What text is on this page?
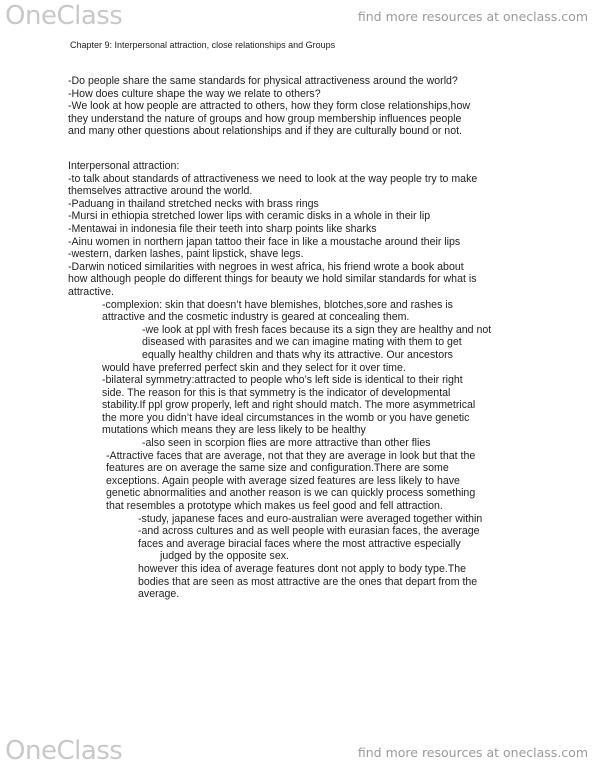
OneClass	find more resources at oneclass.com
Chapter 9: Interpersonal attraction, close relationships and Groups
-Do people share the same standards for physical attractiveness around the world?
-How does culture shape the way we relate to others?
-We look at how people are attracted to others, how they form close relationships,how
they understand the nature of groups and how group membership influences people
and many other questions about relationships and if they are culturally bound or not.
Interpersonal attraction:
-to talk about standards of attractiveness we need to look at the way people try to make
themselves attractive around the world.
-Paduang in thailand stretched necks with brass rings
-Mursi in ethiopia stretched lower lips with ceramic disks in a whole in their lip
-Mentawai in indonesia file their teeth into sharp points like sharks
-Ainu women in northern japan tattoo their face in like a moustache around their lips
-western, darken lashes, paint lipstick, shave legs.
-Darwin noticed similarities with negroes in west africa, his friend wrote a book about
how although people do different things for beauty we hold similar standards for what is
attractive.
-complexion: skin that doesn’t have blemishes, blotches,sore and rashes is
attractive and the cosmetic industry is geared at concealing them.
-we look at ppl with fresh faces because its a sign they are healthy and not
diseased with parasites and we can imagine mating with them to get
equally healthy children and thats why its attractive. Our ancestors
would have preferred perfect skin and they select for it over time.
-bilateral symmetry:attracted to people who’s left side is identical to their right
side. The reason for this is that symmetry is the indicator of developmental
stability.If ppl grow properly, left and right should match. The more asymmetrical
the more you didn’t have ideal circumstances in the womb or you have genetic
mutations which means they are less likely to be healthy
-also seen in scorpion flies are more attractive than other flies
-Attractive faces that are average, not that they are average in look but that the
features are on average the same size and configuration.There are some
exceptions. Again people with average sized features are less likely to have
genetic abnormalities and another reason is we can quickly process something
that resembles a prototype which makes us feel good and fell attraction.
-study, japanese faces and euro-australian were averaged together within
-and across cultures and as well people with eurasian faces, the average
faces and average biracial faces where the most attractive especially
judged by the opposite sex.
however this idea of average features dont not apply to body type.The
bodies that are seen as most attractive are the ones that depart from the
average.
OneClass	find more resources at oneclass.com
